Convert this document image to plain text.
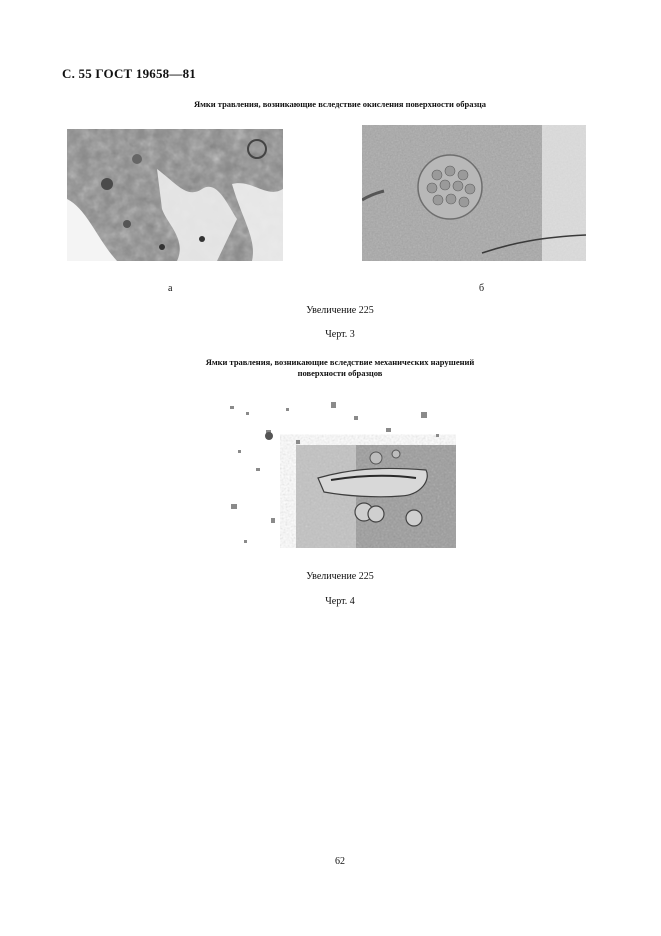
С. 55 ГОСТ 19658—81
Ямки травления, возникающие вследствие окисления поверхности образца
а	б
Увеличение 225
Черт. 3
Ямки травления, возникающие вследствие механических нарушений
поверхности образцов
Увеличение 225
Черт. 4
62
